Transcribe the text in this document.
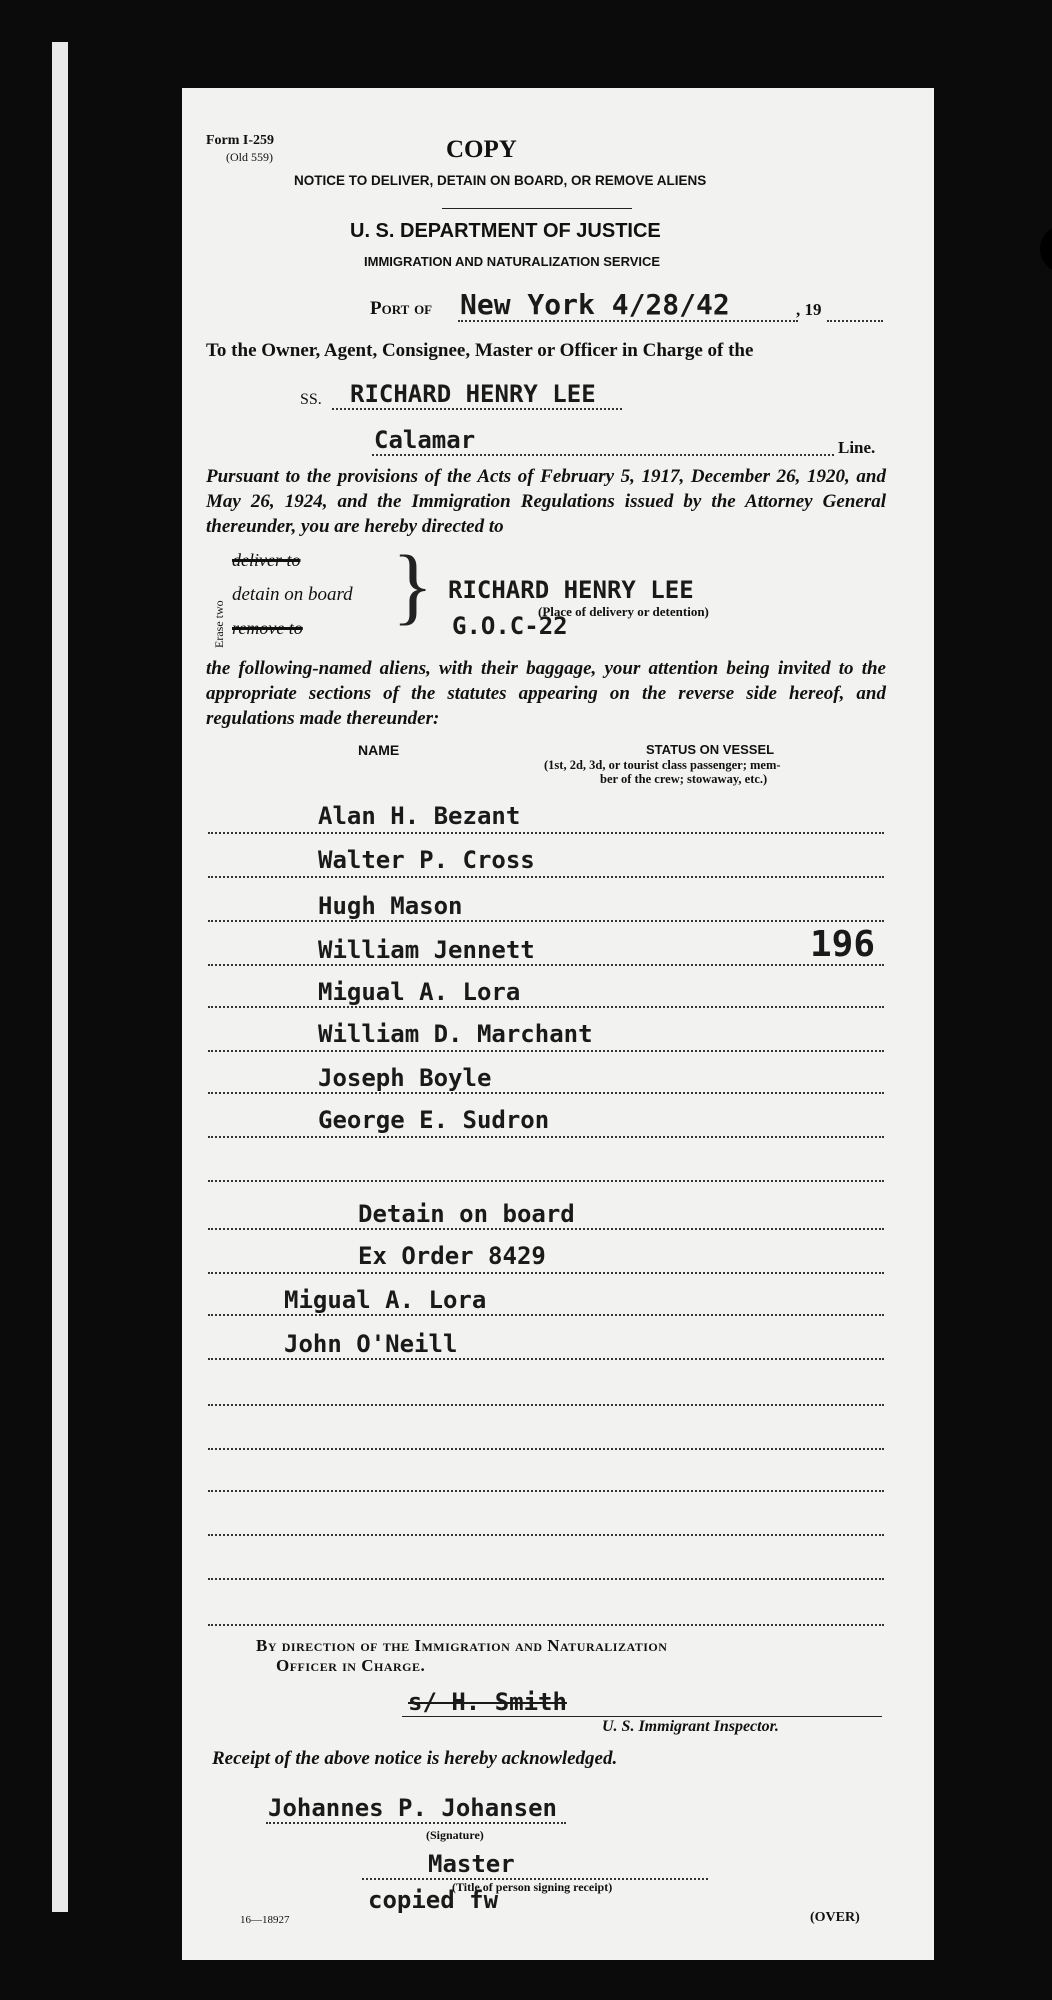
Form I-259
(Old 559)	COPY
NOTICE TO DELIVER, DETAIN ON BOARD, OR REMOVE ALIENS
U. S. DEPARTMENT OF JUSTICE
IMMIGRATION AND NATURALIZATION SERVICE
Port of New York 4/28/42	, 19
To the Owner, Agent, Consignee, Master or Officer in Charge of the
SS. RICHARD HENRY LEE
Calamar	Line.
Pursuant to the provisions of the Acts of February 5, 1917, December 26, 1920, and May 26, 1924, and the Immigration Regulations issued by the Attorney General thereunder, you are hereby directed to
Erase two
deliver to
detain on board
remove to } RICHARD HENRY LEE
(Place of delivery or detention)
G.O.C-22
the following-named aliens, with their baggage, your attention being invited to the appropriate sections of the statutes appearing on the reverse side hereof, and regulations made thereunder:
NAME	STATUS ON VESSEL
(1st, 2d, 3d, or tourist class passenger; mem-
ber of the crew; stowaway, etc.)
Alan H. Bezant
Walter P. Cross
Hugh Mason
William Jennett	196
Migual A. Lora
William D. Marchant
Joseph Boyle
George E. Sudron
Detain on board
Ex Order 8429
Migual A. Lora
John O'Neill
By direction of the Immigration and Naturalization
Officer in Charge.
s/ H. Smith
U. S. Immigrant Inspector.
Receipt of the above notice is hereby acknowledged.
Johannes P. Johansen
(Signature)
Master
(Title of person signing receipt)
copied fw
16—18927	(OVER)
